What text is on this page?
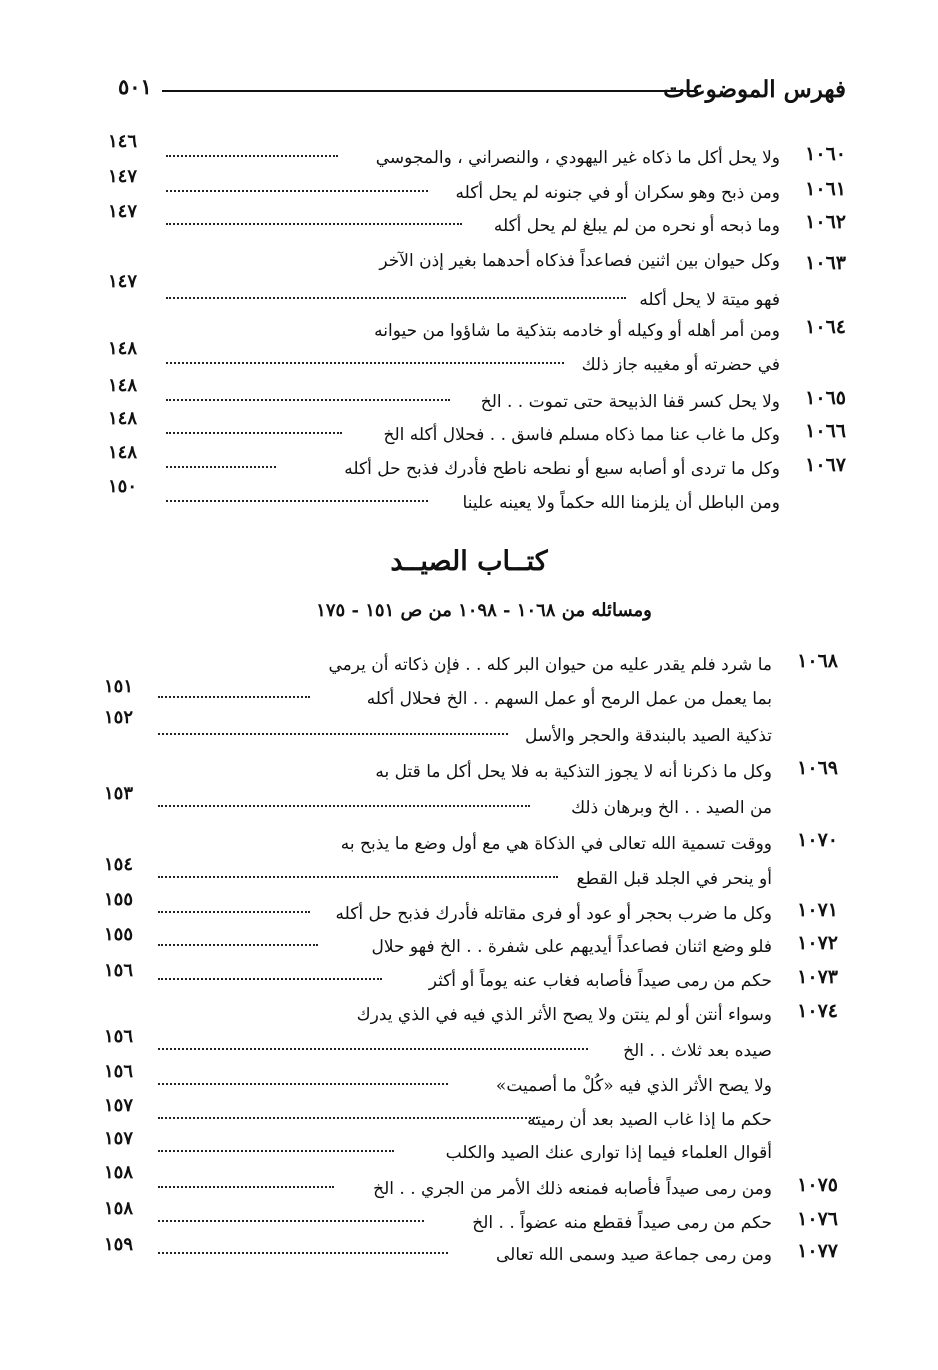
فهرس الموضوعات
٥٠١
١٠٦٠
ولا يحل أكل ما ذكاه غير اليهودي ، والنصراني ، والمجوسي
١٤٦
١٠٦١
ومن ذبح وهو سكران أو في جنونه لم يحل أكله
١٤٧
١٠٦٢
وما ذبحه أو نحره من لم يبلغ لم يحل أكله
١٤٧
١٠٦٣
وكل حيوان بين اثنين فصاعداً فذكاه أحدهما بغير إذن الآخر
فهو ميتة لا يحل أكله
١٤٧
١٠٦٤
ومن أمر أهله أو وكيله أو خادمه بتذكية ما شاؤوا من حيوانه
في حضرته أو مغيبه جاز ذلك
١٤٨
١٠٦٥
ولا يحل كسر قفا الذبيحة حتى تموت . . الخ
١٤٨
١٠٦٦
وكل ما غاب عنا مما ذكاه مسلم فاسق . . فحلال أكله الخ
١٤٨
١٠٦٧
وكل ما تردى أو أصابه سبع أو نطحه ناطح فأدرك فذبح حل أكله
١٤٨
ومن الباطل أن يلزمنا الله حكماً ولا يعينه علينا
١٥٠
كتــاب الصيــد
ومسائله من ١٠٦٨ - ١٠٩٨ من ص ١٥١ - ١٧٥
١٠٦٨
ما شرد فلم يقدر عليه من حيوان البر كله . . فإن ذكاته أن يرمي
بما يعمل من عمل الرمح أو عمل السهم . . الخ فحلال أكله
١٥١
تذكية الصيد بالبندقة والحجر والأسل
١٥٢
١٠٦٩
وكل ما ذكرنا أنه لا يجوز التذكية به فلا يحل أكل ما قتل به
من الصيد . . الخ وبرهان ذلك
١٥٣
١٠٧٠
ووقت تسمية الله تعالى في الذكاة هي مع أول وضع ما يذبح به
أو ينحر في الجلد قبل القطع
١٥٤
١٠٧١
وكل ما ضرب بحجر أو عود أو فرى مقاتله فأدرك فذبح حل أكله
١٥٥
١٠٧٢
فلو وضع اثنان فصاعداً أيديهم على شفرة . . الخ فهو حلال
١٥٥
١٠٧٣
حكم من رمى صيداً فأصابه فغاب عنه يوماً أو أكثر
١٥٦
١٠٧٤
وسواء أنتن أو لم ينتن ولا يصح الأثر الذي فيه في الذي يدرك
صيده بعد ثلاث . . الخ
١٥٦
ولا يصح الأثر الذي فيه «كُلْ ما أصميت»
١٥٦
حكم ما إذا غاب الصيد بعد أن رميته
١٥٧
أقوال العلماء فيما إذا توارى عنك الصيد والكلب
١٥٧
١٠٧٥
ومن رمى صيداً فأصابه فمنعه ذلك الأمر من الجري . . الخ
١٥٨
١٠٧٦
حكم من رمى صيداً فقطع منه عضواً . . الخ
١٥٨
١٠٧٧
ومن رمى جماعة صيد وسمى الله تعالى
١٥٩
